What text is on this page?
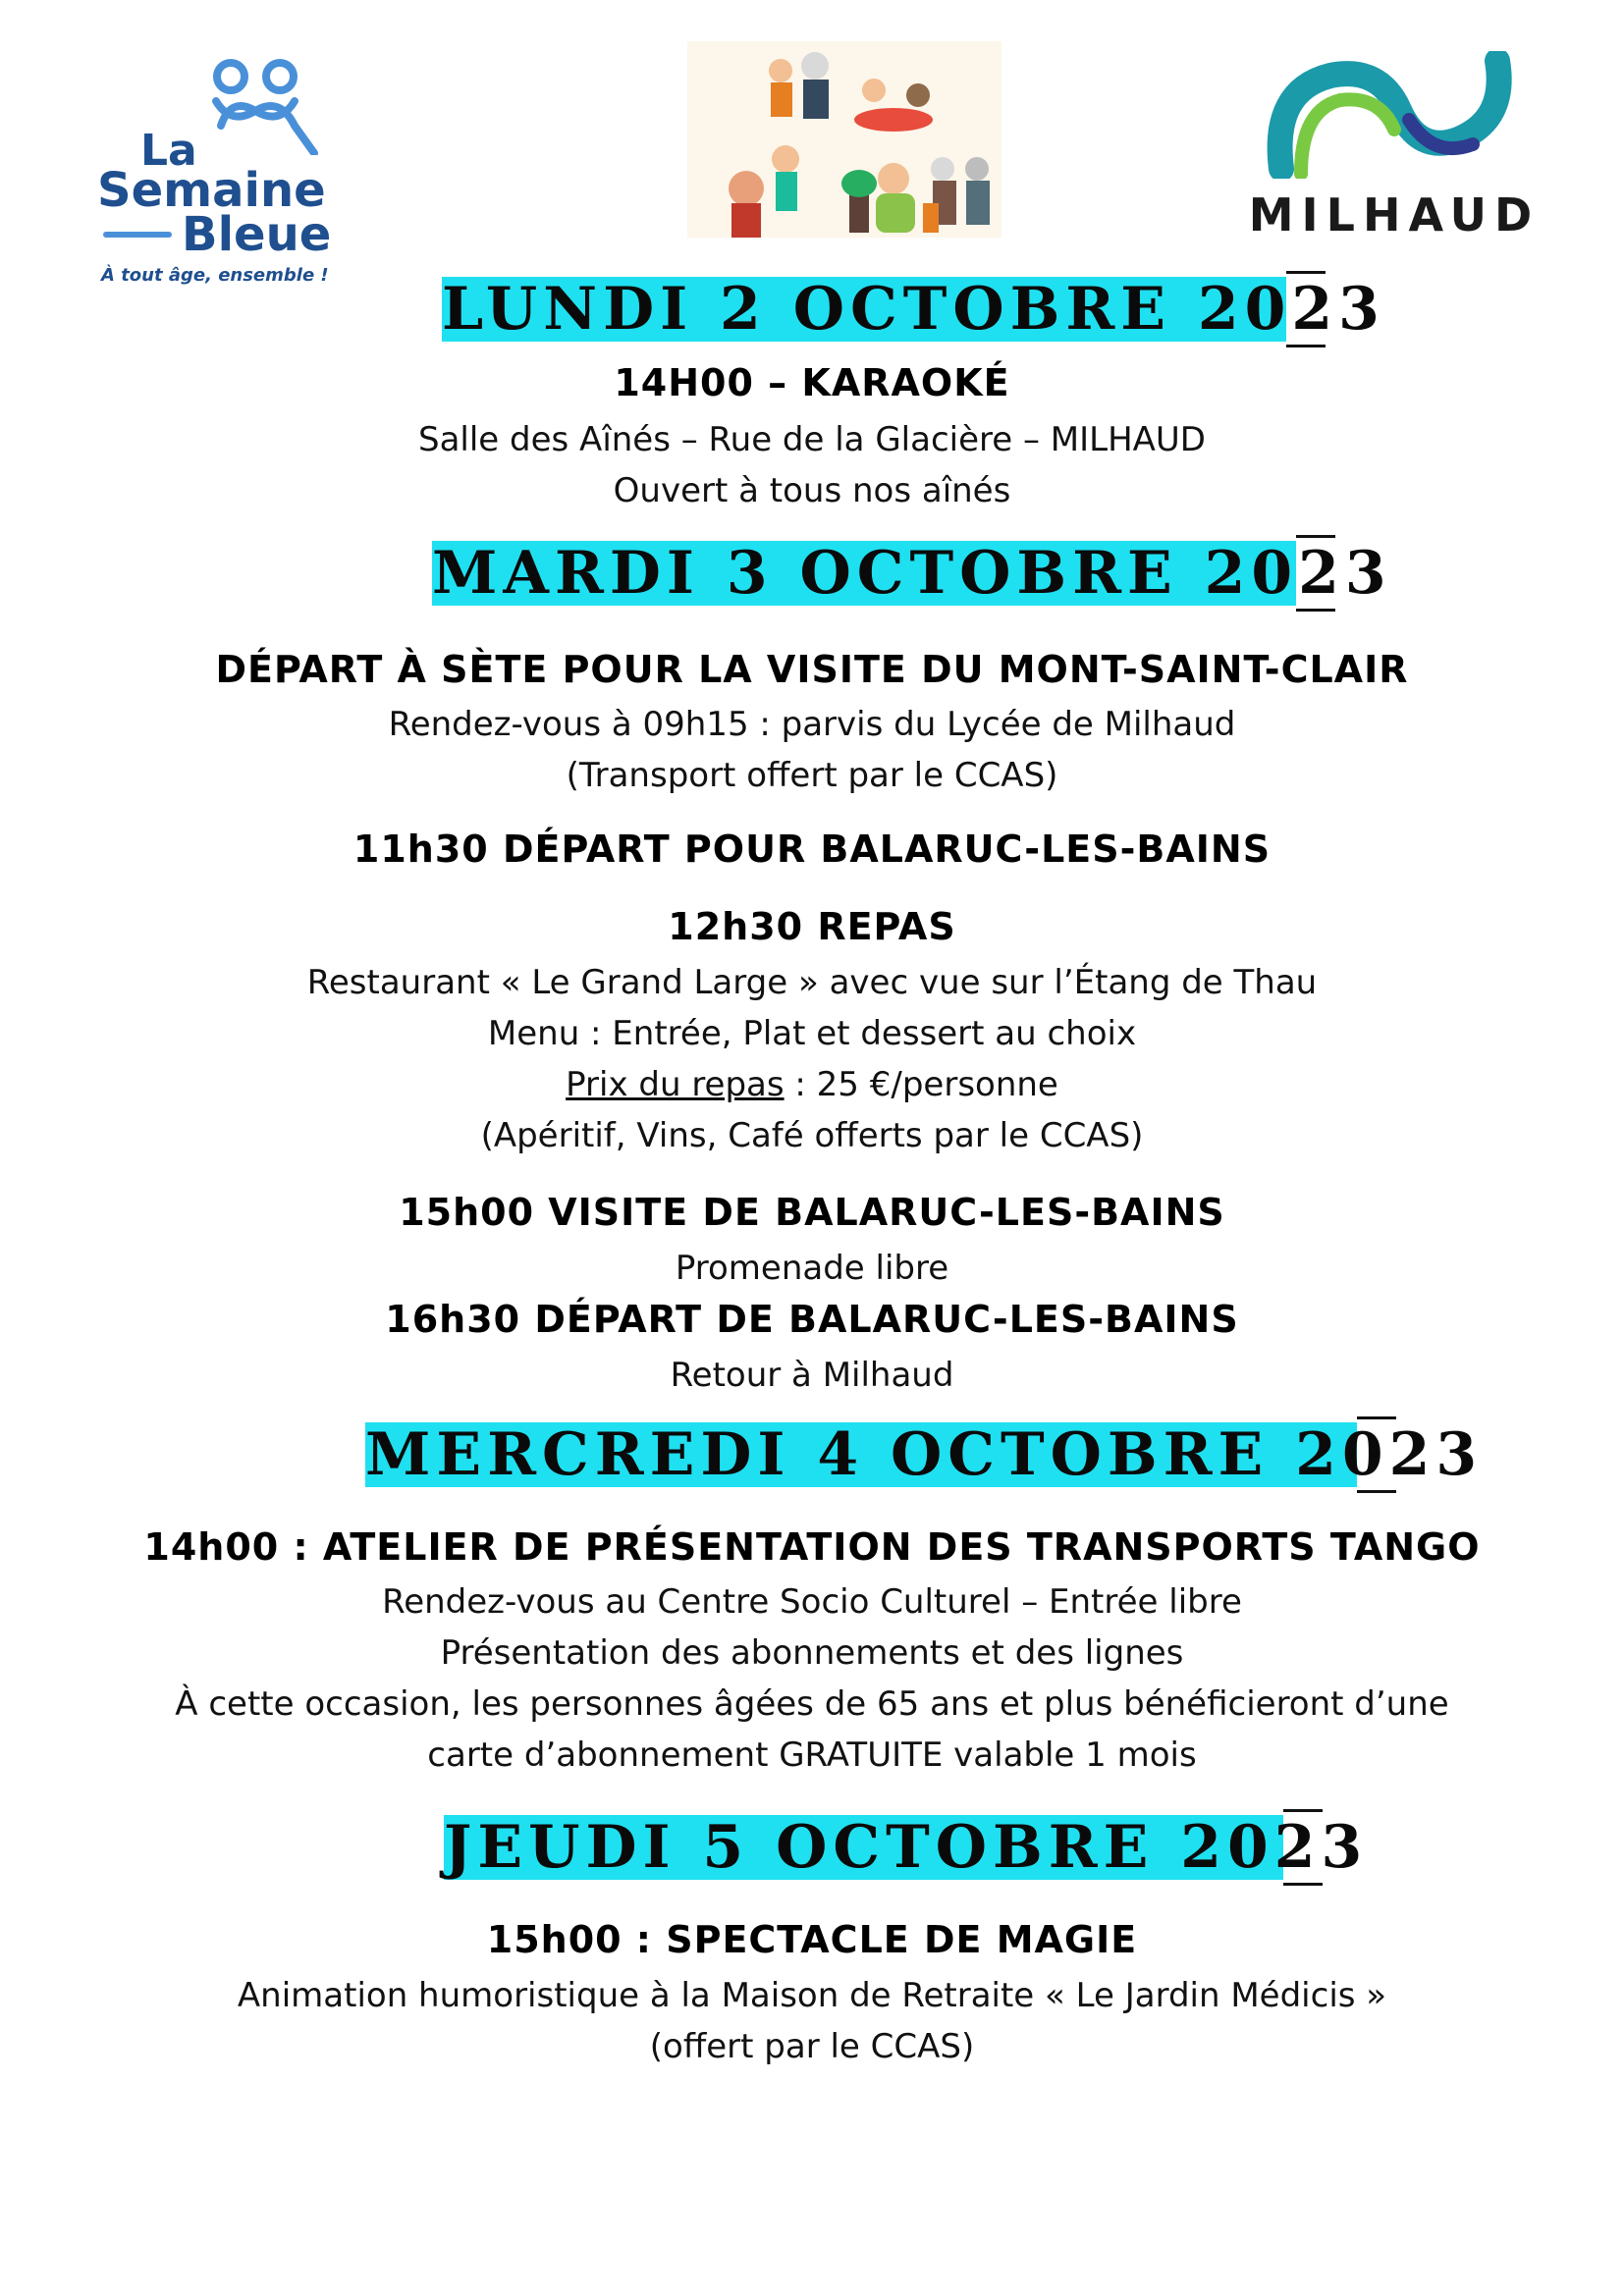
La
Semaine
Bleue
À tout âge, ensemble !
MILHAUD
LUNDI 2 OCTOBRE 2023
14H00 – KARAOKÉ
Salle des Aînés – Rue de la Glacière – MILHAUD
Ouvert à tous nos aînés
MARDI 3 OCTOBRE 2023
DÉPART À SÈTE POUR LA VISITE DU MONT-SAINT-CLAIR
Rendez-vous à 09h15 : parvis du Lycée de Milhaud
(Transport offert par le CCAS)
11h30 DÉPART POUR BALARUC-LES-BAINS
12h30 REPAS
Restaurant « Le Grand Large » avec vue sur l’Étang de Thau
Menu : Entrée, Plat et dessert au choix
Prix du repas : 25 €/personne
(Apéritif, Vins, Café offerts par le CCAS)
15h00 VISITE DE BALARUC-LES-BAINS
Promenade libre
16h30 DÉPART DE BALARUC-LES-BAINS
Retour à Milhaud
MERCREDI 4 OCTOBRE 2023
14h00 : ATELIER DE PRÉSENTATION DES TRANSPORTS TANGO
Rendez-vous au Centre Socio Culturel – Entrée libre
Présentation des abonnements et des lignes
À cette occasion, les personnes âgées de 65 ans et plus bénéficieront d’une
carte d’abonnement GRATUITE valable 1 mois
JEUDI 5 OCTOBRE 2023
15h00 : SPECTACLE DE MAGIE
Animation humoristique à la Maison de Retraite « Le Jardin Médicis »
(offert par le CCAS)
